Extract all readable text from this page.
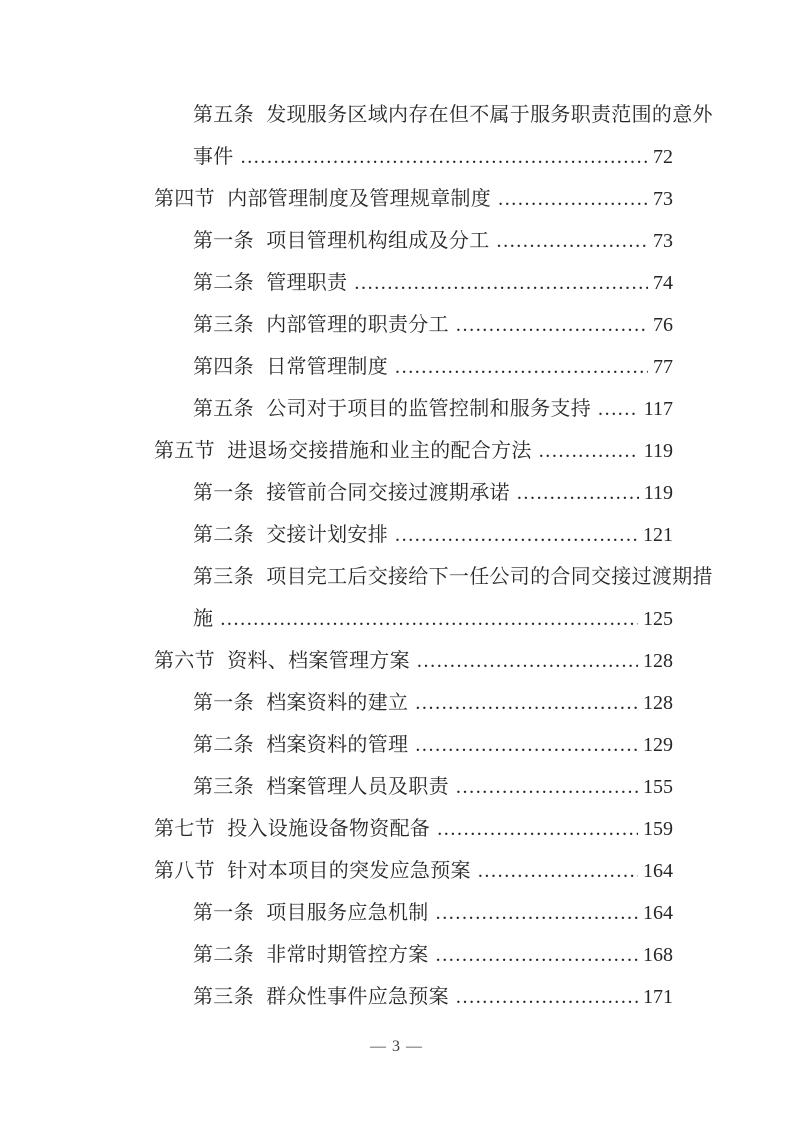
第五条 发现服务区域内存在但不属于服务职责范围的意外
事件 .....	72
第四节 内部管理制度及管理规章制度 .....	73
第一条 项目管理机构组成及分工 .....	73
第二条 管理职责 .....	74
第三条 内部管理的职责分工 .....	76
第四条 日常管理制度 .....	77
第五条 公司对于项目的监管控制和服务支持 .....	117
第五节 进退场交接措施和业主的配合方法 .....	119
第一条 接管前合同交接过渡期承诺 .....	119
第二条 交接计划安排 .....	121
第三条 项目完工后交接给下一任公司的合同交接过渡期措
施 .....	125
第六节 资料、档案管理方案 .....	128
第一条 档案资料的建立 .....	128
第二条 档案资料的管理 .....	129
第三条 档案管理人员及职责 .....	155
第七节 投入设施设备物资配备 .....	159
第八节 针对本项目的突发应急预案 .....	164
第一条 项目服务应急机制 .....	164
第二条 非常时期管控方案 .....	168
第三条 群众性事件应急预案 .....	171
— 3 —
